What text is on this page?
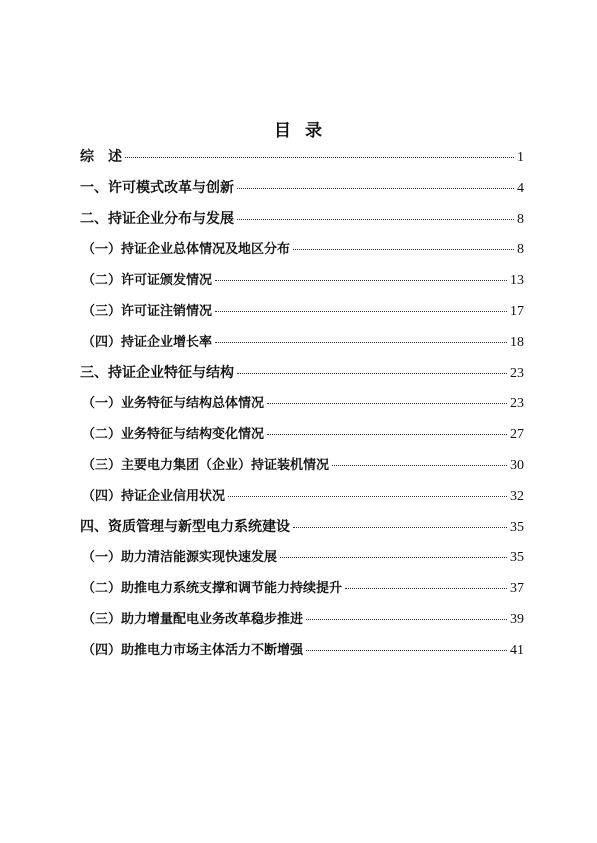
目 录
综　述	1
一、许可模式改革与创新	4
二、持证企业分布与发展	8
（一）持证企业总体情况及地区分布	8
（二）许可证颁发情况	13
（三）许可证注销情况	17
（四）持证企业增长率	18
三、持证企业特征与结构	23
（一）业务特征与结构总体情况	23
（二）业务特征与结构变化情况	27
（三）主要电力集团（企业）持证装机情况	30
（四）持证企业信用状况	32
四、资质管理与新型电力系统建设	35
（一）助力清洁能源实现快速发展	35
（二）助推电力系统支撑和调节能力持续提升	37
（三）助力增量配电业务改革稳步推进	39
（四）助推电力市场主体活力不断增强	41
